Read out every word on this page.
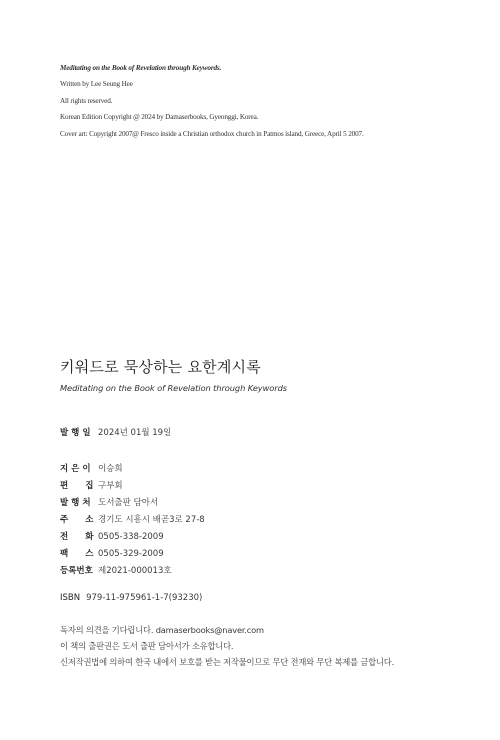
Meditating on the Book of Revelation through Keywords.
Written by Lee Seung Hee
All rights reserved.
Korean Edition Copyright @ 2024 by Damaserbooks, Gyeonggi, Korea.
Cover art: Copyright 2007@ Fresco inside a Christian orthodox church in Patmos island, Greece, April 5 2007.
키워드로 묵상하는 요한계시록
Meditating on the Book of Revelation through Keywords
발 행 일 2024년 01월 19일
지 은 이 이승희
편　　집 구부회
발 행 처 도서출판 담아서
주　　소 경기도 시흥시 배곧3로 27-8
전　　화 0505-338-2009
팩　　스 0505-329-2009
등록번호 제2021-000013호
ISBN 979-11-975961-1-7(93230)
독자의 의견을 기다립니다. damaserbooks@naver.com
이 책의 출판권은 도서 출판 담아서가 소유합니다.
신저작권법에 의하여 한국 내에서 보호를 받는 저작물이므로 무단 전재와 무단 복제를 금합니다.
